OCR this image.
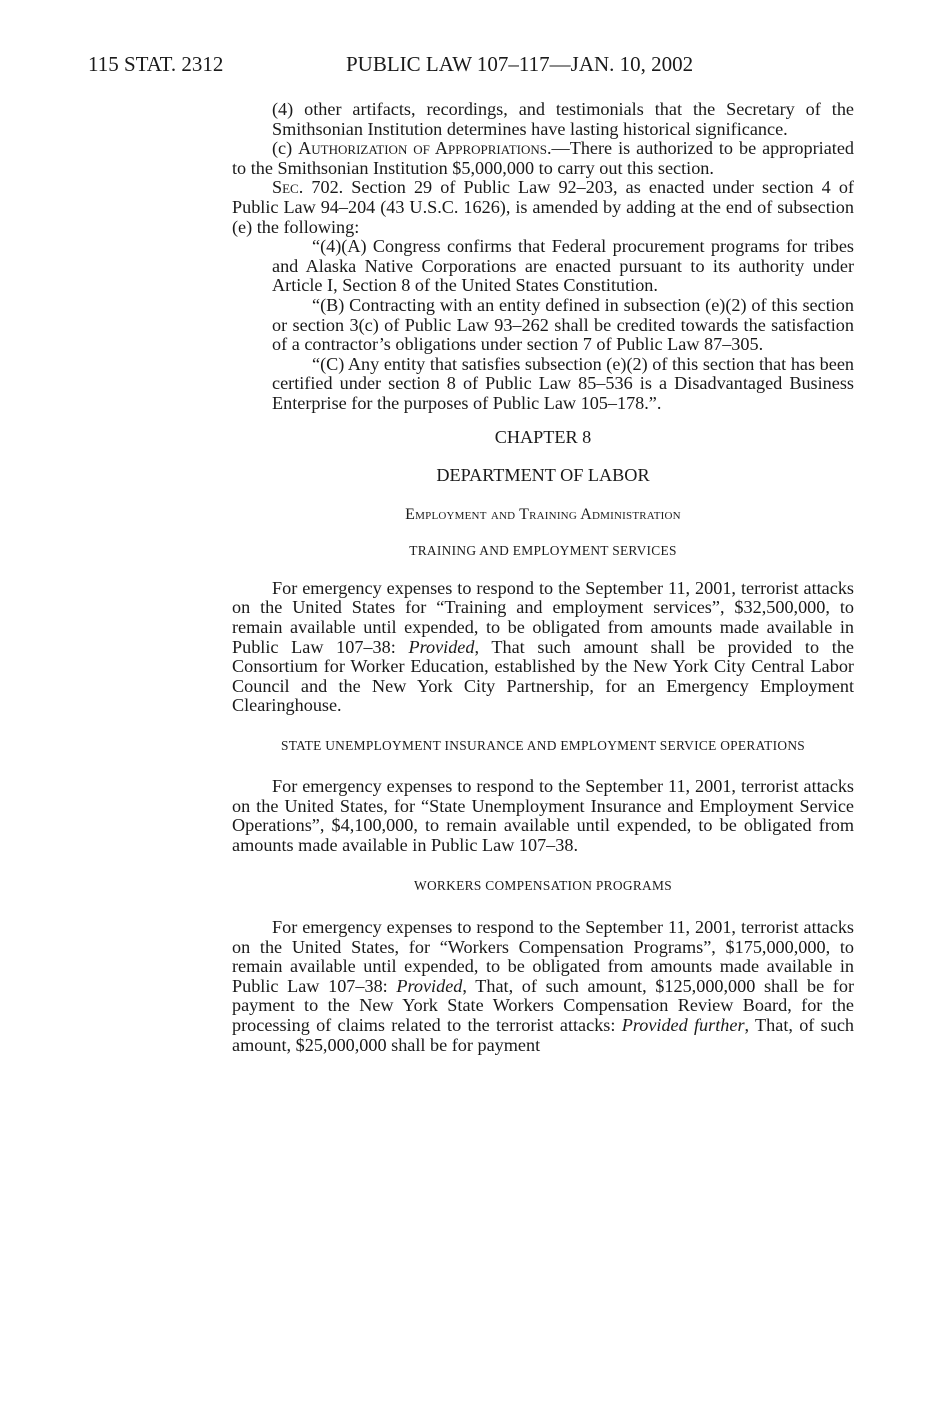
115 STAT. 2312	PUBLIC LAW 107–117—JAN. 10, 2002

(4) other artifacts, recordings, and testimonials that the Secretary of the Smithsonian Institution determines have lasting historical significance.

(c) Authorization of Appropriations.—There is authorized to be appropriated to the Smithsonian Institution $5,000,000 to carry out this section.

Sec. 702. Section 29 of Public Law 92–203, as enacted under section 4 of Public Law 94–204 (43 U.S.C. 1626), is amended by adding at the end of subsection (e) the following:

“(4)(A) Congress confirms that Federal procurement programs for tribes and Alaska Native Corporations are enacted pursuant to its authority under Article I, Section 8 of the United States Constitution.

“(B) Contracting with an entity defined in subsection (e)(2) of this section or section 3(c) of Public Law 93–262 shall be credited towards the satisfaction of a contractor’s obligations under section 7 of Public Law 87–305.

“(C) Any entity that satisfies subsection (e)(2) of this section that has been certified under section 8 of Public Law 85–536 is a Disadvantaged Business Enterprise for the purposes of Public Law 105–178.”.

CHAPTER 8

DEPARTMENT OF LABOR

Employment and Training Administration

TRAINING AND EMPLOYMENT SERVICES

For emergency expenses to respond to the September 11, 2001, terrorist attacks on the United States for “Training and employment services”, $32,500,000, to remain available until expended, to be obligated from amounts made available in Public Law 107–38: Provided, That such amount shall be provided to the Consortium for Worker Education, established by the New York City Central Labor Council and the New York City Partnership, for an Emergency Employment Clearinghouse.

STATE UNEMPLOYMENT INSURANCE AND EMPLOYMENT SERVICE OPERATIONS

For emergency expenses to respond to the September 11, 2001, terrorist attacks on the United States, for “State Unemployment Insurance and Employment Service Operations”, $4,100,000, to remain available until expended, to be obligated from amounts made available in Public Law 107–38.

WORKERS COMPENSATION PROGRAMS

For emergency expenses to respond to the September 11, 2001, terrorist attacks on the United States, for “Workers Compensation Programs”, $175,000,000, to remain available until expended, to be obligated from amounts made available in Public Law 107–38: Provided, That, of such amount, $125,000,000 shall be for payment to the New York State Workers Compensation Review Board, for the processing of claims related to the terrorist attacks: Provided further, That, of such amount, $25,000,000 shall be for payment
